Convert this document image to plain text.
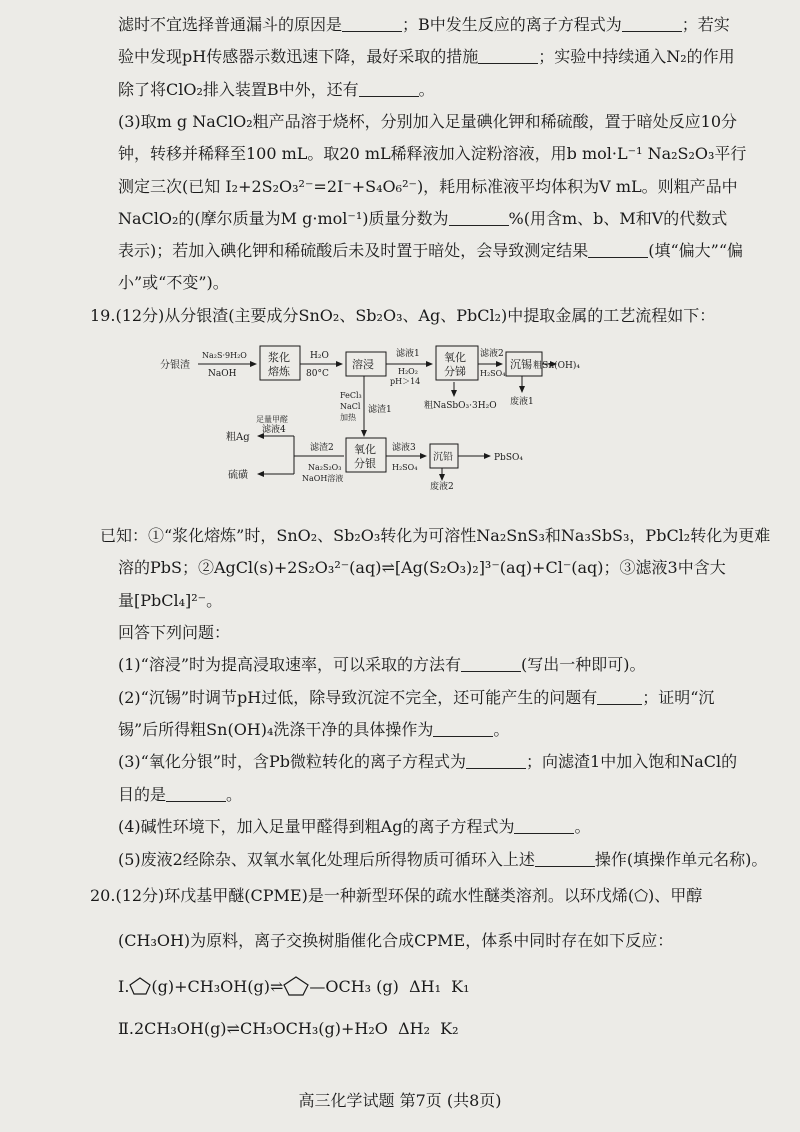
滤时不宜选择普通漏斗的原因是	；B中发生反应的离子方程式为	；若实
验中发现pH传感器示数迅速下降，最好采取的措施	；实验中持续通入N₂的作用
除了将ClO₂排入装置B中外，还有	。
(3)取m g NaClO₂粗产品溶于烧杯，分别加入足量碘化钾和稀硫酸，置于暗处反应10分
钟，转移并稀释至100 mL。取20 mL稀释液加入淀粉溶液，用b mol·L⁻¹ Na₂S₂O₃平行
测定三次(已知 I₂+2S₂O₃²⁻=2I⁻+S₄O₆²⁻)，耗用标准液平均体积为V mL。则粗产品中
NaClO₂的(摩尔质量为M g·mol⁻¹)质量分数为	%(用含m、b、M和V的代数式
表示)；若加入碘化钾和稀硫酸后未及时置于暗处，会导致测定结果	(填“偏大”“偏
小”或“不变”)。
19.(12分)从分银渣(主要成分SnO₂、Sb₂O₃、Ag、PbCl₂)中提取金属的工艺流程如下：
分银渣
Na₂S·9H₂O
NaOH
浆化
熔炼
H₂O
80°C
溶浸
滤液1
H₂O₂
pH＞14
氧化
分锑
滤液2
H₂SO₄
沉锡 粗Sn(OH)₄
废液1
粗NaSbO₃·3H₂O
FeCl₃
NaCl
加热
滤渣1
氧化
分银
滤液3
H₂SO₄
沉铅	PbSO₄
废液2
滤渣2
Na₂S₂O₃
NaOH溶液
滤液4
足量甲醛
粗Ag
硫磺
已知：①“浆化熔炼”时，SnO₂、Sb₂O₃转化为可溶性Na₂SnS₃和Na₃SbS₃，PbCl₂转化为更难
溶的PbS；②AgCl(s)+2S₂O₃²⁻(aq)⇌[Ag(S₂O₃)₂]³⁻(aq)+Cl⁻(aq)；③滤液3中含大
量[PbCl₄]²⁻。
回答下列问题：
(1)“溶浸”时为提高浸取速率，可以采取的方法有	(写出一种即可)。
(2)“沉锡”时调节pH过低，除导致沉淀不完全，还可能产生的问题有	；证明“沉
锡”后所得粗Sn(OH)₄洗涤干净的具体操作为	。
(3)“氧化分银”时，含Pb微粒转化的离子方程式为	；向滤渣1中加入饱和NaCl的
目的是	。
(4)碱性环境下，加入足量甲醛得到粗Ag的离子方程式为	。
(5)废液2经除杂、双氧水氧化处理后所得物质可循环入上述	操作(填操作单元名称)。
20.(12分)环戊基甲醚(CPME)是一种新型环保的疏水性醚类溶剂。以环戊烯(⬠)、甲醇
(CH₃OH)为原料，离子交换树脂催化合成CPME，体系中同时存在如下反应：
Ⅰ. (g)+CH₃OH(g)⇌ —OCH₃ (g) ΔH₁ K₁
Ⅱ.2CH₃OH(g)⇌CH₃OCH₃(g)+H₂O ΔH₂ K₂
高三化学试题 第7页 (共8页)
